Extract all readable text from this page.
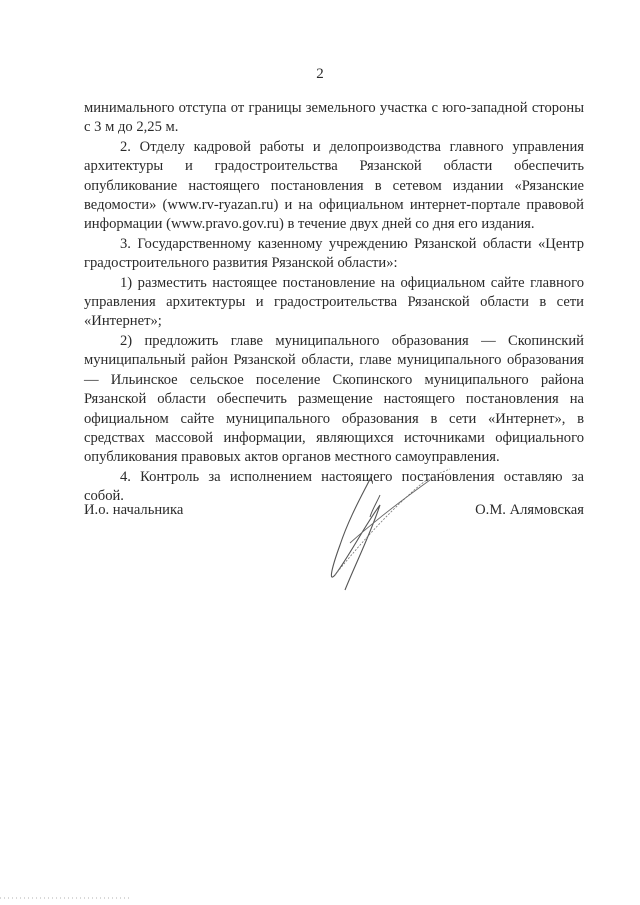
2

минимального отступа от границы земельного участка с юго-западной стороны с 3 м до 2,25 м.

2. Отделу кадровой работы и делопроизводства главного управления архитектуры и градостроительства Рязанской области обеспечить опубликование настоящего постановления в сетевом издании «Рязанские ведомости» (www.rv-ryazan.ru) и на официальном интернет-портале правовой информации (www.pravo.gov.ru) в течение двух дней со дня его издания.

3. Государственному казенному учреждению Рязанской области «Центр градостроительного развития Рязанской области»:

1) разместить настоящее постановление на официальном сайте главного управления архитектуры и градостроительства Рязанской области в сети «Интернет»;

2) предложить главе муниципального образования — Скопинский муниципальный район Рязанской области, главе муниципального образования — Ильинское сельское поселение Скопинского муниципального района Рязанской области обеспечить размещение настоящего постановления на официальном сайте муниципального образования в сети «Интернет», в средствах массовой информации, являющихся источниками официального опубликования правовых актов органов местного самоуправления.

4. Контроль за исполнением настоящего постановления оставляю за собой.

И.о. начальника	О.М. Алямовская
